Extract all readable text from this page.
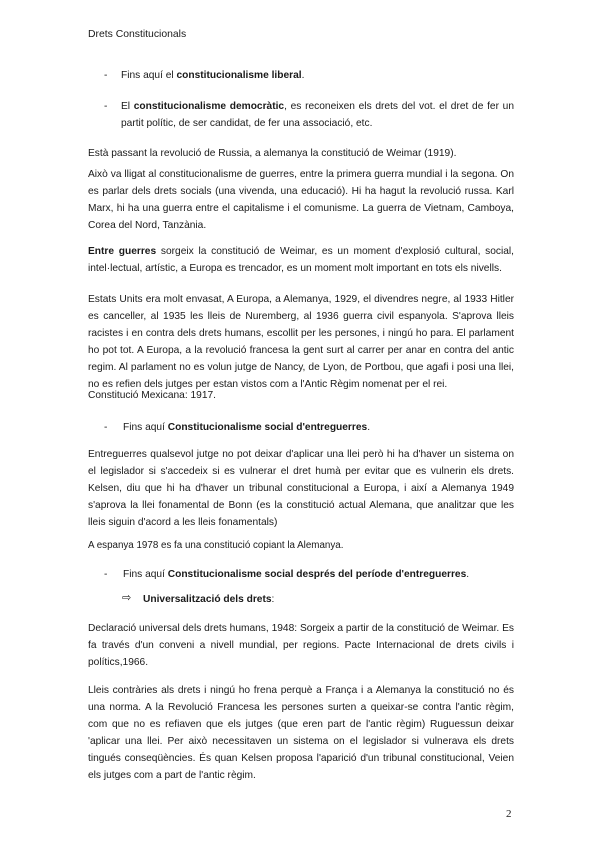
Drets Constitucionals
- Fins aquí el constitucionalisme liberal.

- El constitucionalisme democràtic, es reconeixen els drets del vot. el dret de fer un partit polític, de ser candidat, de fer una associació, etc.

Està passant la revolució de Russia, a alemanya la constitució de Weimar (1919).

Això va lligat al constitucionalisme de guerres, entre la primera guerra mundial i la segona. On es parlar dels drets socials (una vivenda, una educació). Hi ha hagut la revolució russa. Karl Marx, hi ha una guerra entre el capitalisme i el comunisme. La guerra de Vietnam, Camboya, Corea del Nord, Tanzània.

Entre guerres sorgeix la constitució de Weimar, es un moment d'explosió cultural, social, intel·lectual, artístic, a Europa es trencador, es un moment molt important en tots els nivells.

Estats Units era molt envasat, A Europa, a Alemanya, 1929, el divendres negre, al 1933 Hitler es canceller, al 1935 les lleis de Nuremberg, al 1936 guerra civil espanyola. S'aprova lleis racistes i en contra dels drets humans, escollit per les persones, i ningú ho para. El parlament ho pot tot. A Europa, a la revolució francesa la gent surt al carrer per anar en contra del antic regim. Al parlament no es volun jutge de Nancy, de Lyon, de Portbou, que agafi i posi una llei, no es refien dels jutges per estan vistos com a l'Antic Règim nomenat per el rei.

Constitució Mexicana: 1917.

- Fins aquí Constitucionalisme social d'entreguerres.

Entreguerres qualsevol jutge no pot deixar d'aplicar una llei però hi ha d'haver un sistema on el legislador si s'accedeix si es vulnerar el dret humà per evitar que es vulnerin els drets. Kelsen, diu que hi ha d'haver un tribunal constitucional a Europa, i així a Alemanya 1949 s'aprova la llei fonamental de Bonn (es la constitució actual Alemana, que analitzar que les lleis siguin d'acord a les lleis fonamentals)

A espanya 1978 es fa una constitució copiant la Alemanya.

- Fins aquí Constitucionalisme social després del període d'entreguerres.

⇨ Universalització dels drets:

Declaració universal dels drets humans, 1948: Sorgeix a partir de la constitució de Weimar. Es fa través d'un conveni a nivell mundial, per regions. Pacte Internacional de drets civils i polítics,1966.

Lleis contràries als drets i ningú ho frena perquè a França i a Alemanya la constitució no és una norma. A la Revolució Francesa les persones surten a queixar-se contra l'antic règim, com que no es refiaven que els jutges (que eren part de l'antic règim) Ruguessun deixar 'aplicar una llei. Per això necessitaven un sistema on el legislador si vulnerava els drets tingués conseqüències. És quan Kelsen proposa l'aparició d'un tribunal constitucional, Veien els jutges com a part de l'antic règim.

2
